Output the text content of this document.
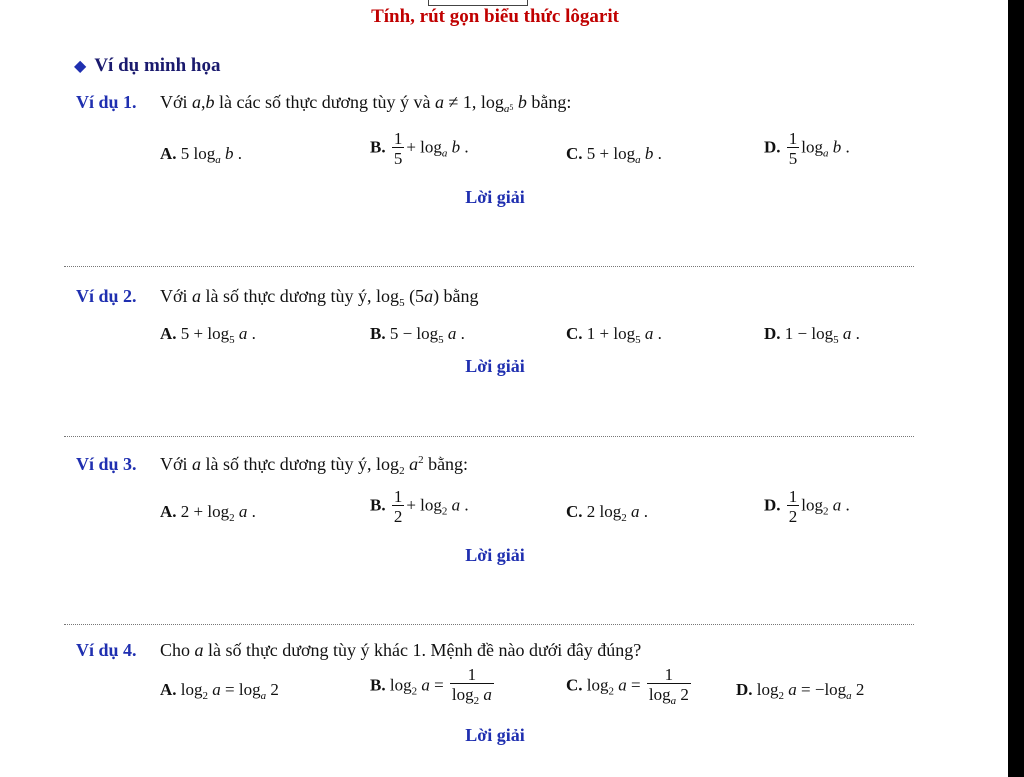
Tính, rút gọn biểu thức lôgarit
◆ Ví dụ minh họa
Ví dụ 1. Với a,b là các số thực dương tùy ý và a ≠ 1, $\log_{a^5} b$ bằng:
A. 5 $\log_a b$ .	B. $\frac{1}{5} + \log_a b$ .	C. $5 + \log_a b$ .	D. $\frac{1}{5} \log_a b$ .
Lời giải
Ví dụ 2. Với a là số thực dương tùy ý, $\log_5 (5a)$ bằng
A. $5 + \log_5 a$ .	B. $5 - \log_5 a$ .	C. $1 + \log_5 a$ .	D. $1 - \log_5 a$ .
Lời giải
Ví dụ 3. Với a là số thực dương tùy ý, $\log_2 a^2$ bằng:
A. $2 + \log_2 a$ .	B. $\frac{1}{2} + \log_2 a$ .	C. 2 $\log_2 a$ .	D. $\frac{1}{2} \log_2 a$ .
Lời giải
Ví dụ 4. Cho a là số thực dương tùy ý khác 1. Mệnh đề nào dưới đây đúng?
A. $\log_2 a = \log_a 2$	B. $\log_2 a = \frac{1}{\log_2 a}$	C. $\log_2 a = \frac{1}{\log_a 2}$	D. $\log_2 a = -\log_a$ 2
Lời giải
